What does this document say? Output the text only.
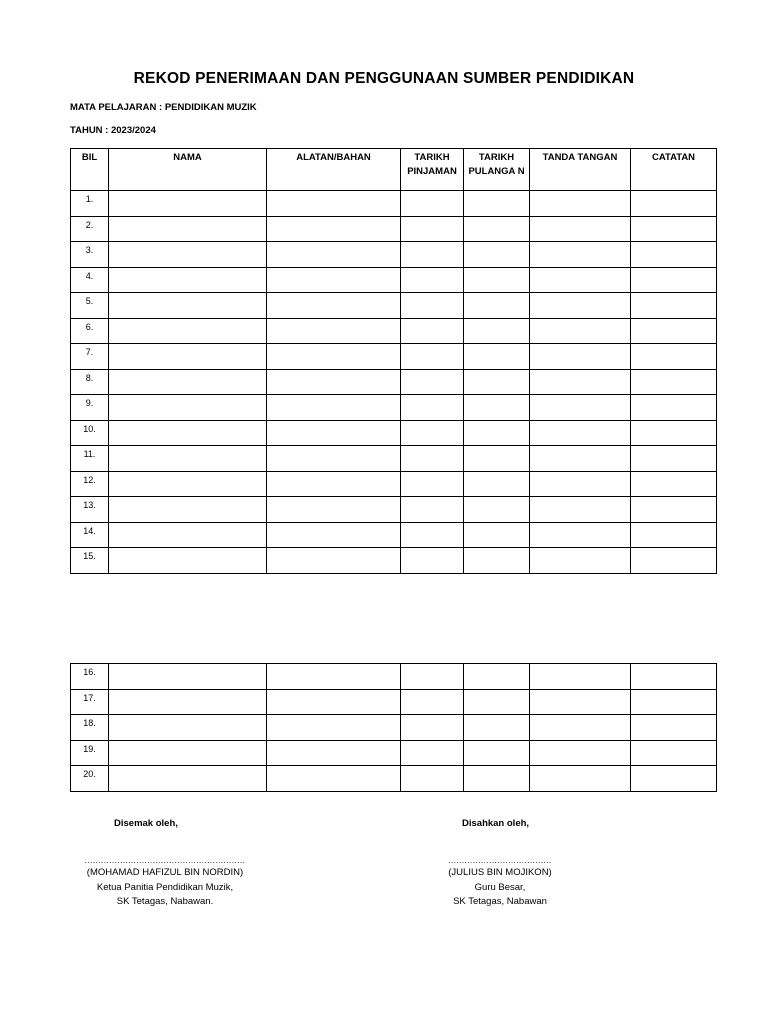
REKOD PENERIMAAN DAN PENGGUNAAN SUMBER PENDIDIKAN
MATA PELAJARAN : PENDIDIKAN MUZIK
TAHUN : 2023/2024
BIL	NAMA	ALATAN/BAHAN	TARIKH PINJAMAN	TARIKH PULANGA N	TANDA TANGAN	CATATAN
1.						
2.						
3.						
4.						
5.						
6.						
7.						
8.						
9.						
10.						
11.						
12.						
13.						
14.						
15.						
16.						
17.						
18.						
19.						
20.						
Disemak oleh,
...........................................................
(MOHAMAD HAFIZUL BIN NORDIN)
Ketua Panitia Pendidikan Muzik,
SK Tetagas, Nabawan.
Disahkan oleh,
......................................
(JULIUS BIN MOJIKON)
Guru Besar,
SK Tetagas, Nabawan
